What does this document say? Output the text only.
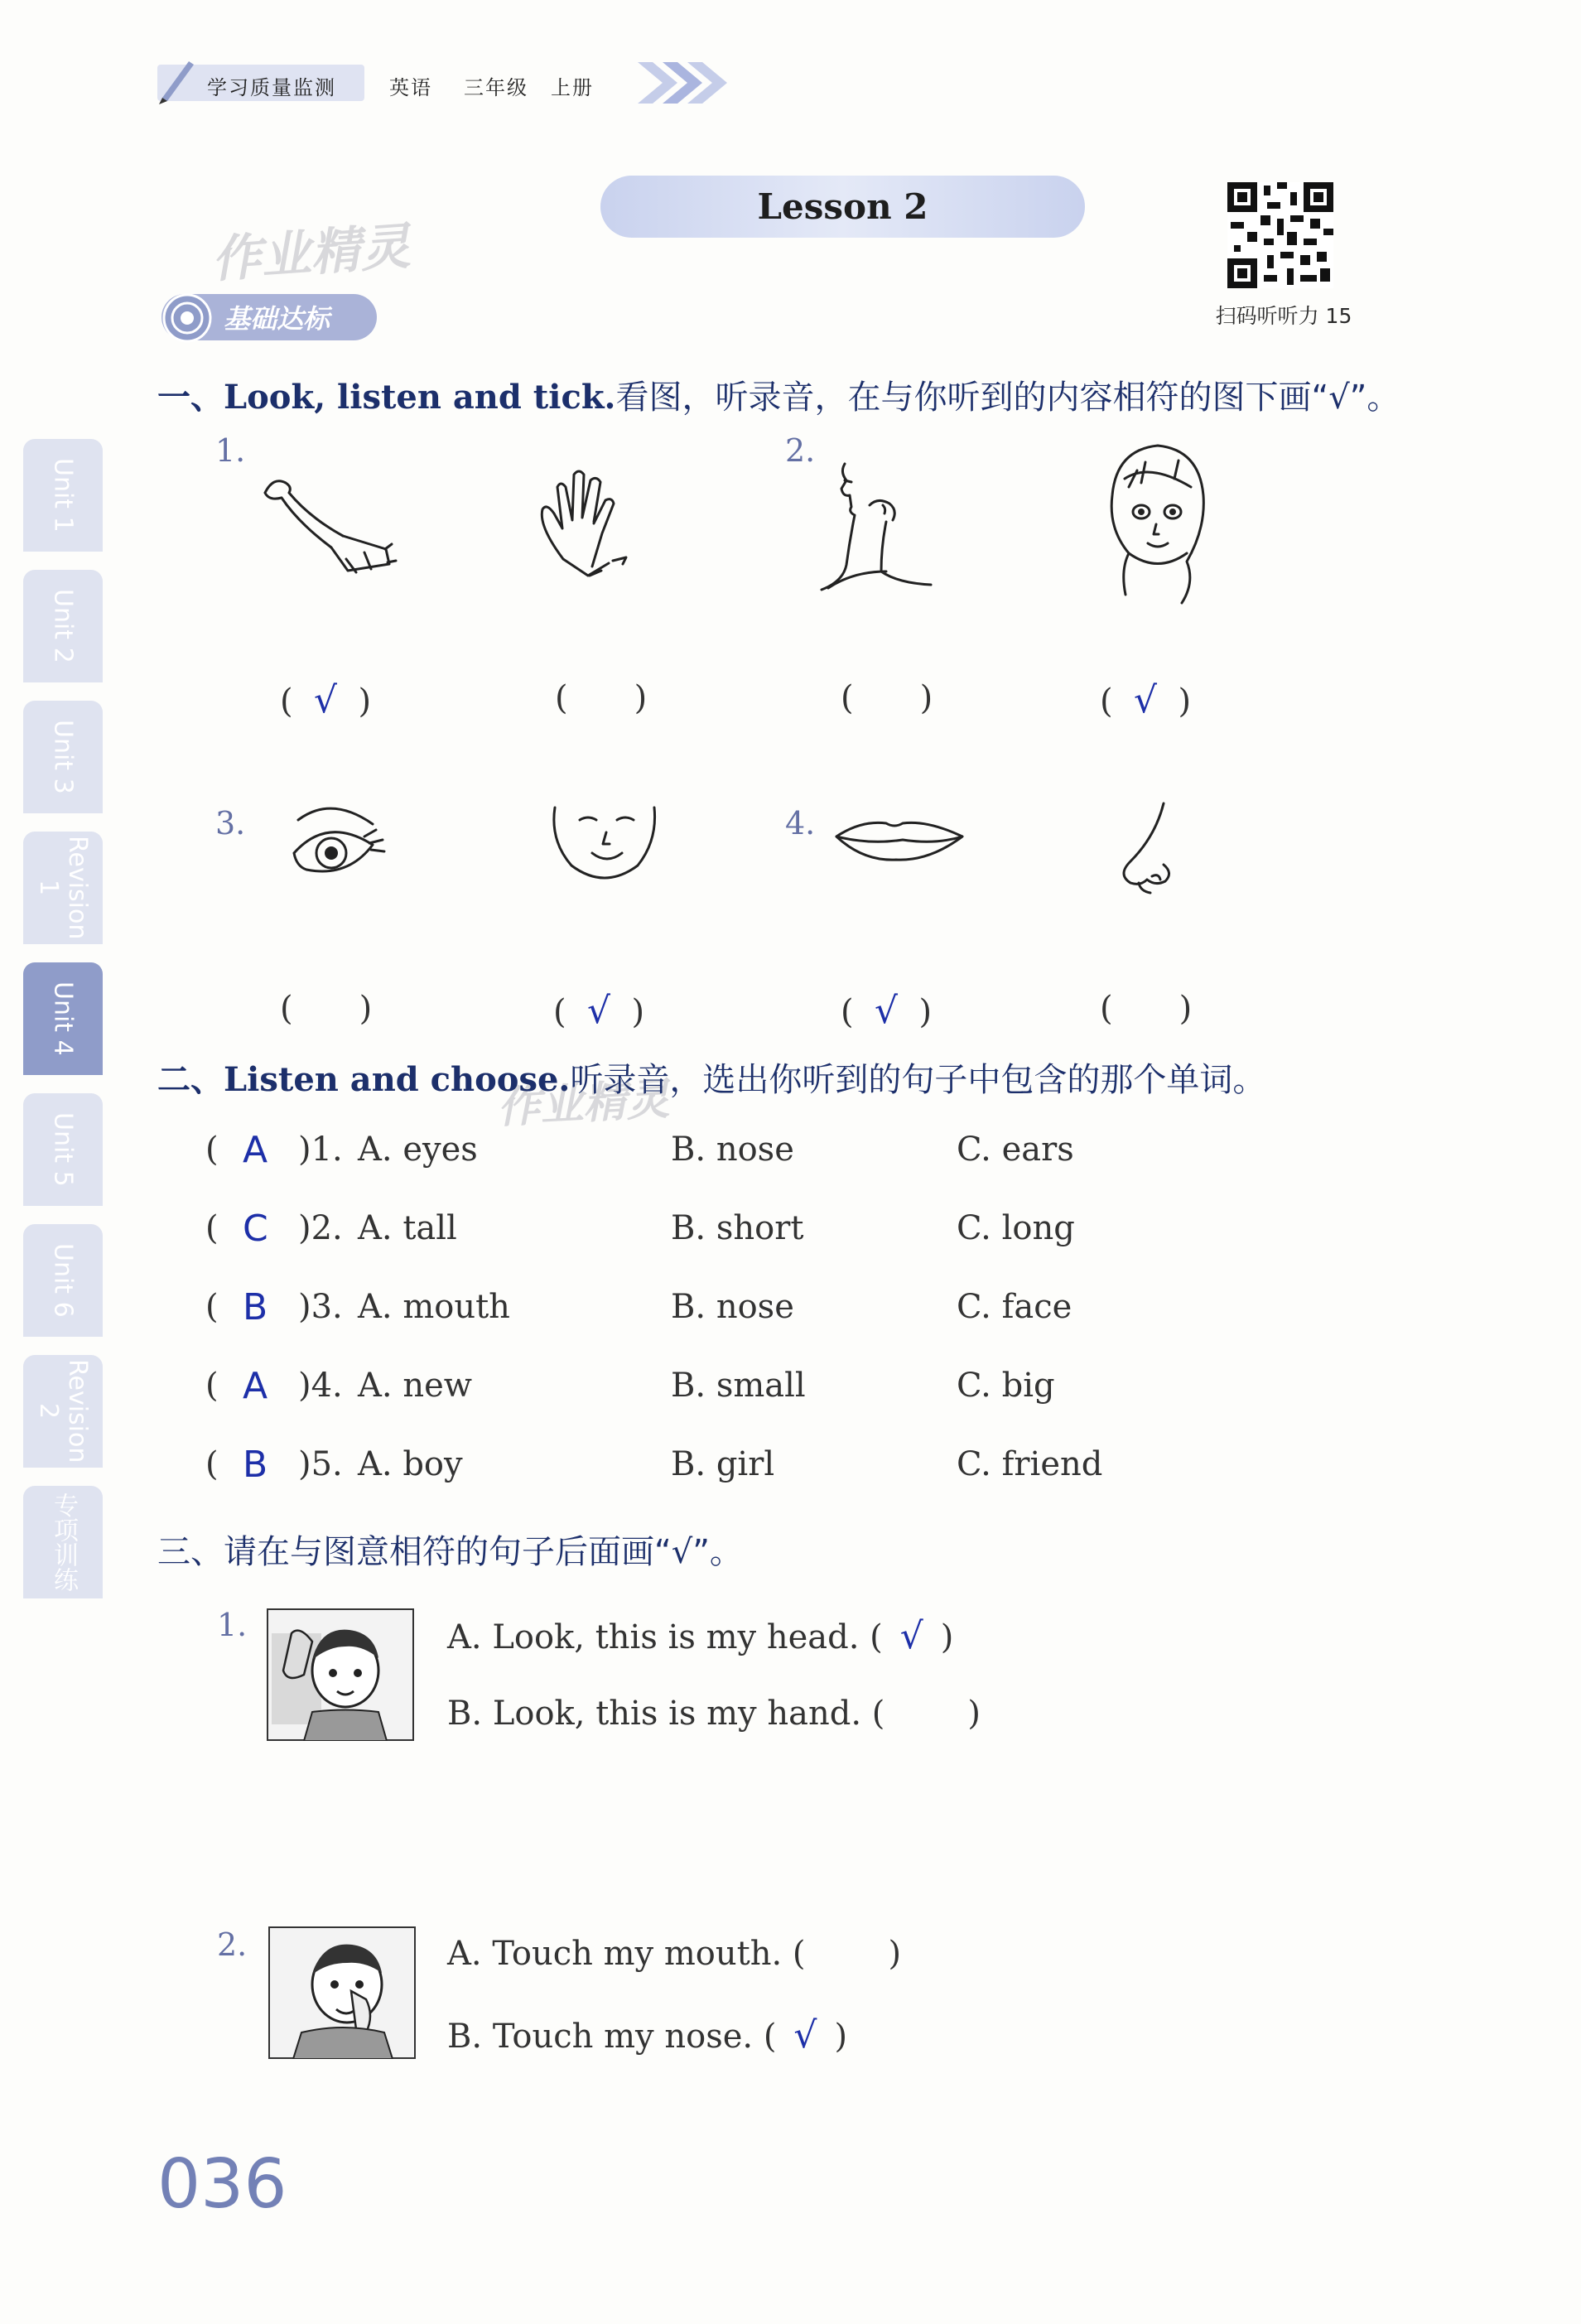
学习质量监测	英语 三年级 上册
Lesson 2
扫码听听力 15
作业精灵
作业精灵
基础达标
一、Look, listen and tick.看图，听录音，在与你听到的内容相符的图下画“√”。
1.	2.
3.	4.
(  √  )	( )	( )	(  √  )
( )	(  √  )	(  √  )	( )
二、Listen and choose.听录音，选出你听到的句子中包含的那个单词。
( A )1. A. eyes	B. nose	C. ears
( C )2. A. tall	B. short	C. long
( B )3. A. mouth	B. nose	C. face
( A )4. A. new	B. small	C. big
( B )5. A. boy	B. girl	C. friend
三、请在与图意相符的句子后面画“√”。
1.	A. Look, this is my head. ( √ )
B. Look, this is my hand. (	)
2.	A. Touch my mouth. (	)
B. Touch my nose. ( √ )
Unit 1
Unit 2
Unit 3
Revision 1
Unit 4
Unit 5
Unit 6
Revision 2
专项训练
036
